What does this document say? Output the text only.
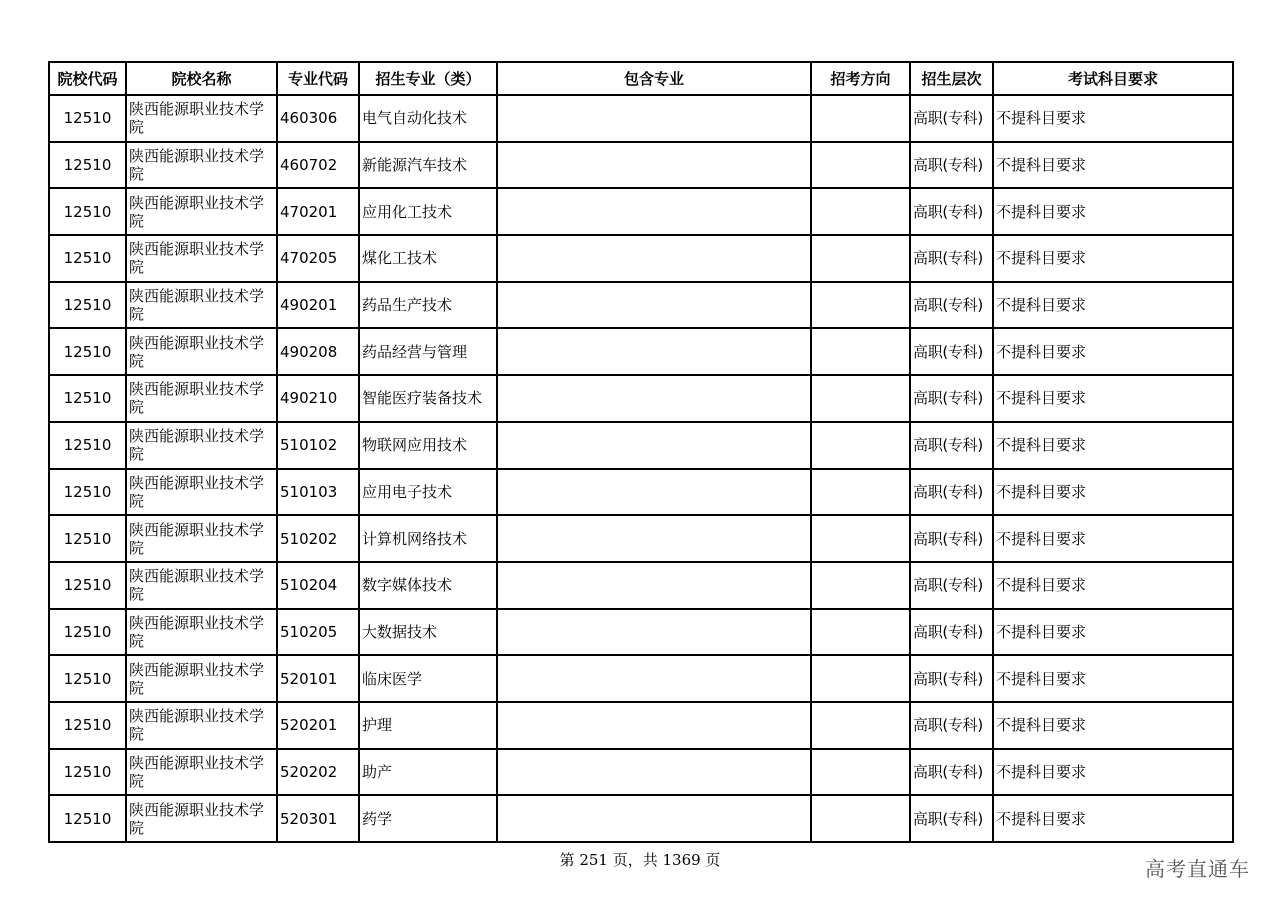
院校代码	院校名称	专业代码	招生专业（类）	包含专业	招考方向	招生层次	考试科目要求
12510	陕西能源职业技术学院	460306	电气自动化技术			高职(专科)	不提科目要求
12510	陕西能源职业技术学院	460702	新能源汽车技术			高职(专科)	不提科目要求
12510	陕西能源职业技术学院	470201	应用化工技术			高职(专科)	不提科目要求
12510	陕西能源职业技术学院	470205	煤化工技术			高职(专科)	不提科目要求
12510	陕西能源职业技术学院	490201	药品生产技术			高职(专科)	不提科目要求
12510	陕西能源职业技术学院	490208	药品经营与管理			高职(专科)	不提科目要求
12510	陕西能源职业技术学院	490210	智能医疗装备技术			高职(专科)	不提科目要求
12510	陕西能源职业技术学院	510102	物联网应用技术			高职(专科)	不提科目要求
12510	陕西能源职业技术学院	510103	应用电子技术			高职(专科)	不提科目要求
12510	陕西能源职业技术学院	510202	计算机网络技术			高职(专科)	不提科目要求
12510	陕西能源职业技术学院	510204	数字媒体技术			高职(专科)	不提科目要求
12510	陕西能源职业技术学院	510205	大数据技术			高职(专科)	不提科目要求
12510	陕西能源职业技术学院	520101	临床医学			高职(专科)	不提科目要求
12510	陕西能源职业技术学院	520201	护理			高职(专科)	不提科目要求
12510	陕西能源职业技术学院	520202	助产			高职(专科)	不提科目要求
12510	陕西能源职业技术学院	520301	药学			高职(专科)	不提科目要求
第 251 页，共 1369 页	高考直通车
